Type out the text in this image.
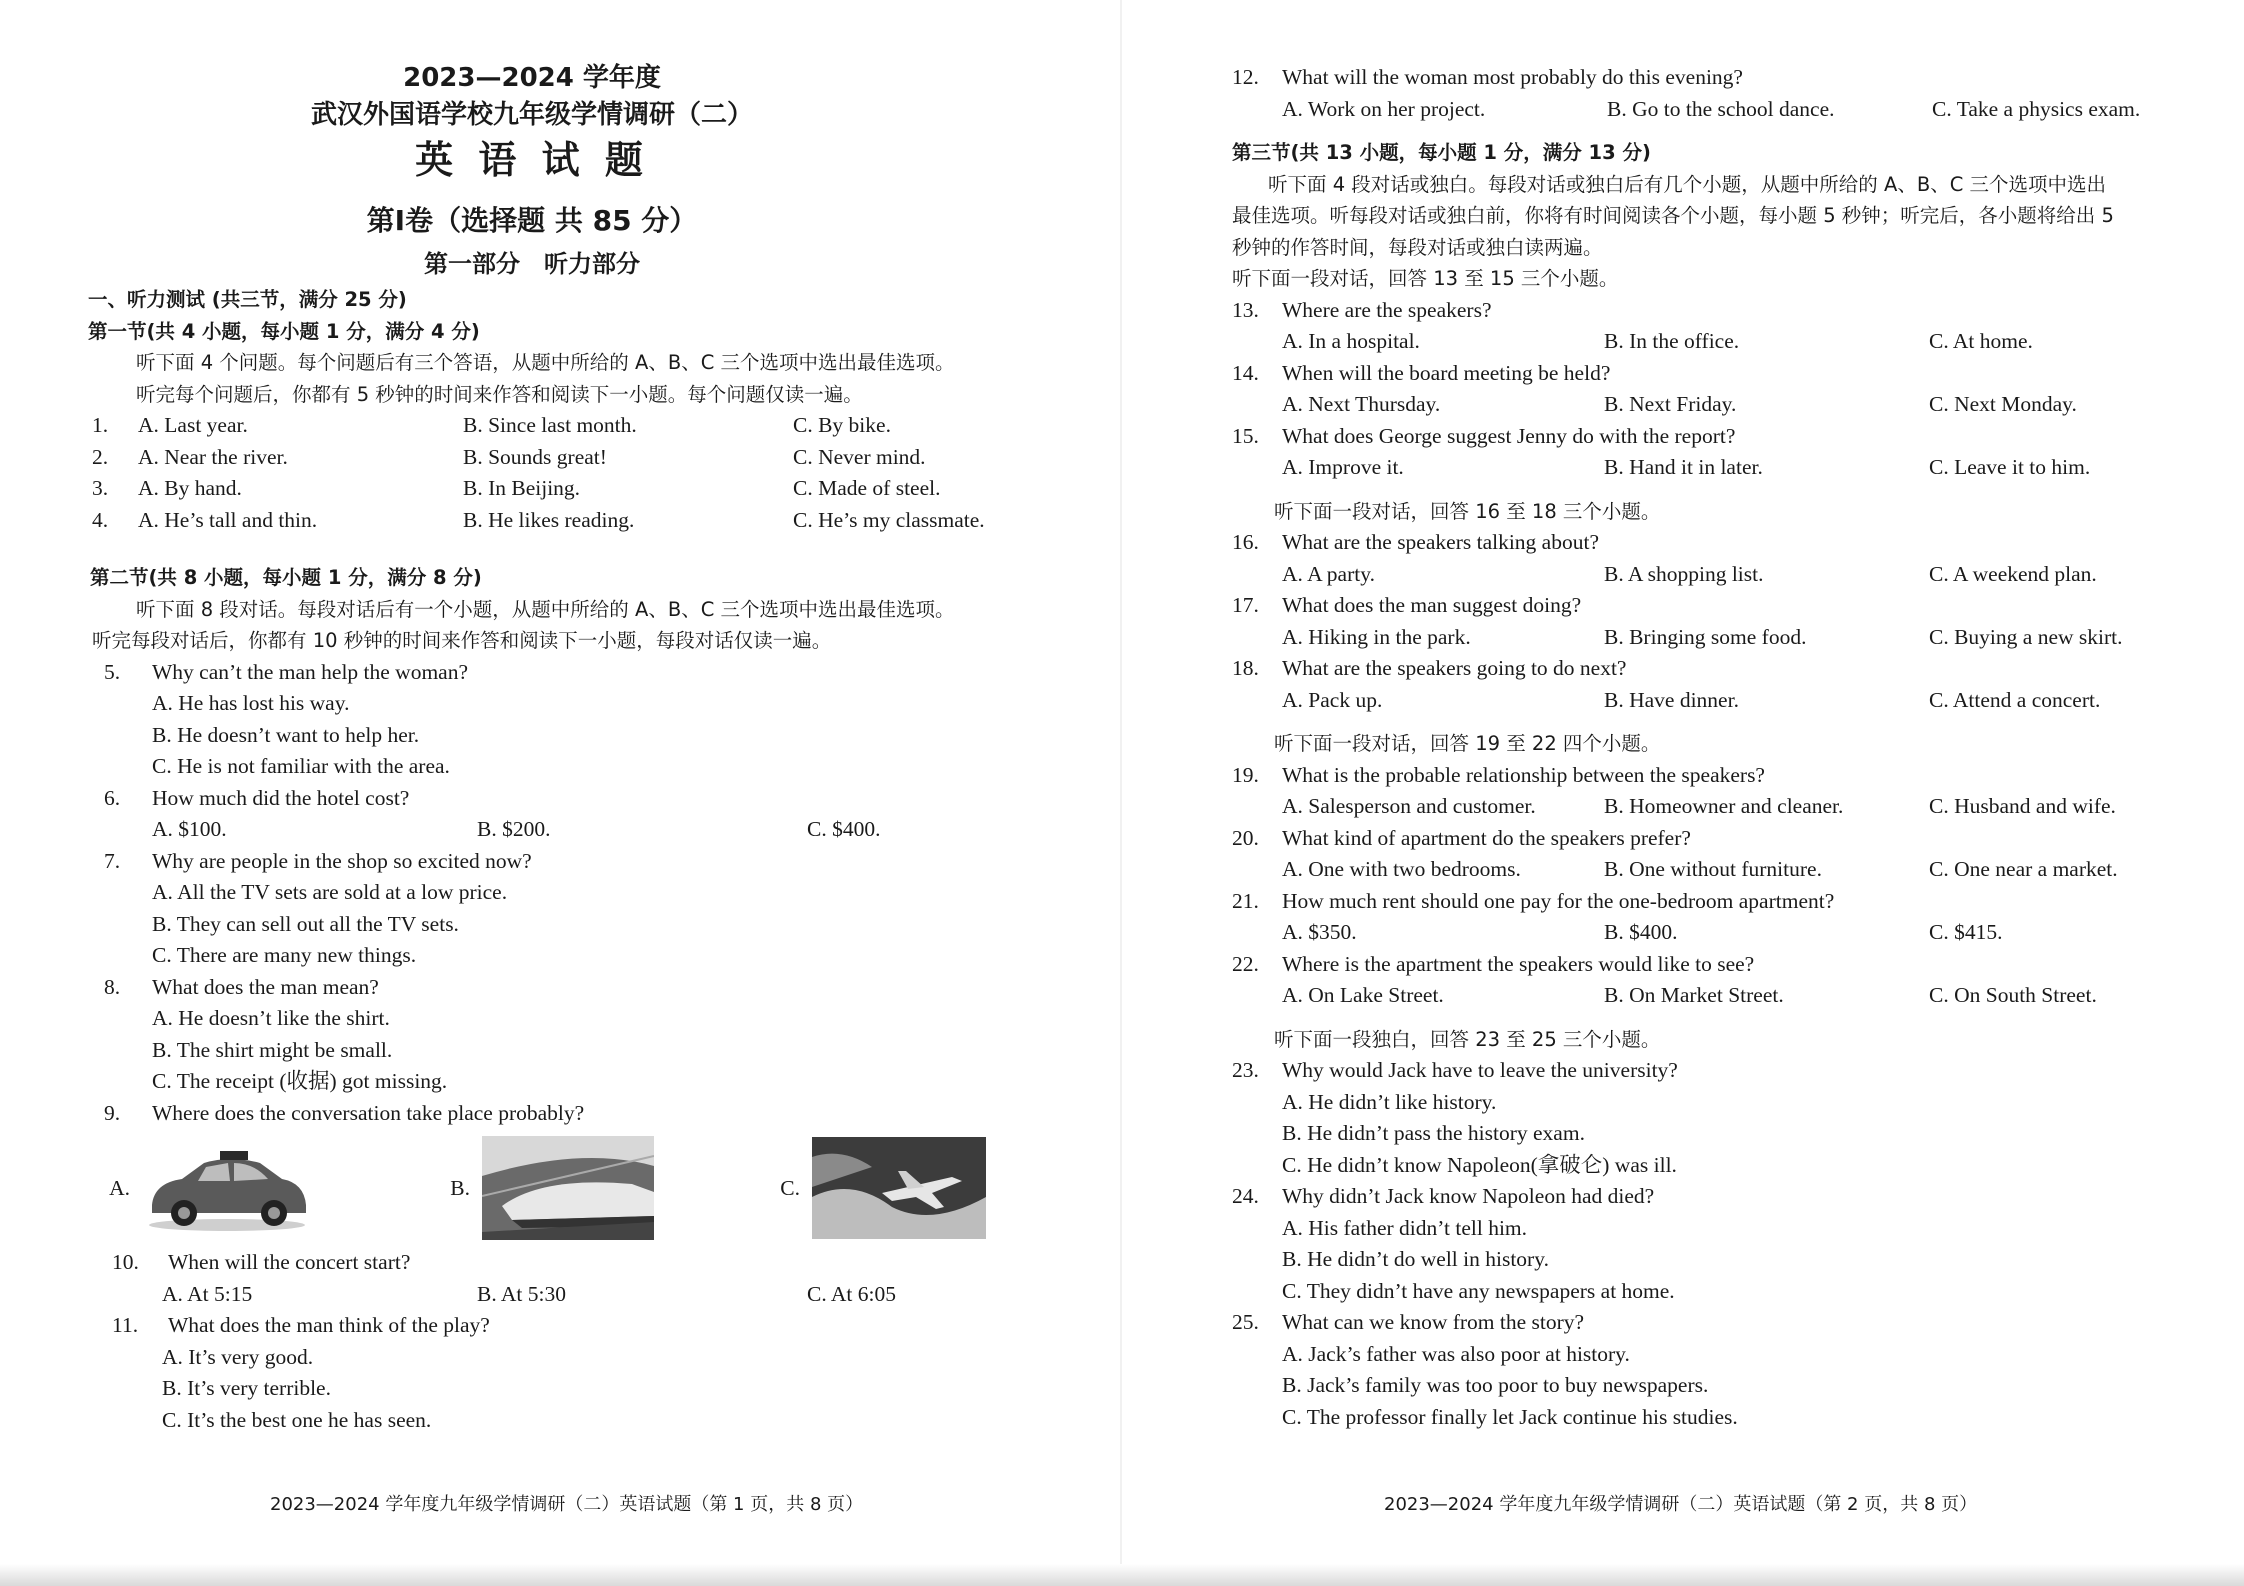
2023—2024 学年度
武汉外国语学校九年级学情调研（二）
英 语 试 题
第Ⅰ卷（选择题 共 85 分）
第一部分　听力部分
一、听力测试 (共三节，满分 25 分)
第一节(共 4 小题，每小题 1 分，满分 4 分)
听下面 4 个问题。每个问题后有三个答语，从题中所给的 A、B、C 三个选项中选出最佳选项。
听完每个问题后，你都有 5 秒钟的时间来作答和阅读下一小题。每个问题仅读一遍。
1.	A. Last year.	B. Since last month.	C. By bike.
2.	A. Near the river.	B. Sounds great!	C. Never mind.
3.	A. By hand.	B. In Beijing.	C. Made of steel.
4.	A. He’s tall and thin.	B. He likes reading.	C. He’s my classmate.
第二节(共 8 小题，每小题 1 分，满分 8 分)
听下面 8 段对话。每段对话后有一个小题，从题中所给的 A、B、C 三个选项中选出最佳选项。
听完每段对话后，你都有 10 秒钟的时间来作答和阅读下一小题，每段对话仅读一遍。
5.	Why can’t the man help the woman?
A. He has lost his way.
B. He doesn’t want to help her.
C. He is not familiar with the area.
6.	How much did the hotel cost?
A. $100.	B. $200.	C. $400.
7.	Why are people in the shop so excited now?
A. All the TV sets are sold at a low price.
B. They can sell out all the TV sets.
C. There are many new things.
8.	What does the man mean?
A. He doesn’t like the shirt.
B. The shirt might be small.
C. The receipt (收据) got missing.
9.	Where does the conversation take place probably?
A.	B.	C.
10.	When will the concert start?
A. At 5:15	B. At 5:30	C. At 6:05
11.	What does the man think of the play?
A. It’s very good.
B. It’s very terrible.
C. It’s the best one he has seen.
2023—2024 学年度九年级学情调研（二）英语试题（第 1 页，共 8 页）
12.	What will the woman most probably do this evening?
A. Work on her project.	B. Go to the school dance.	C. Take a physics exam.
第三节(共 13 小题，每小题 1 分，满分 13 分)
听下面 4 段对话或独白。每段对话或独白后有几个小题，从题中所给的 A、B、C 三个选项中选出
最佳选项。听每段对话或独白前，你将有时间阅读各个小题，每小题 5 秒钟；听完后，各小题将给出 5
秒钟的作答时间，每段对话或独白读两遍。
听下面一段对话，回答 13 至 15 三个小题。
13.	Where are the speakers?
A. In a hospital.	B. In the office.	C. At home.
14.	When will the board meeting be held?
A. Next Thursday.	B. Next Friday.	C. Next Monday.
15.	What does George suggest Jenny do with the report?
A. Improve it.	B. Hand it in later.	C. Leave it to him.
听下面一段对话，回答 16 至 18 三个小题。
16.	What are the speakers talking about?
A. A party.	B. A shopping list.	C. A weekend plan.
17.	What does the man suggest doing?
A. Hiking in the park.	B. Bringing some food.	C. Buying a new skirt.
18.	What are the speakers going to do next?
A. Pack up.	B. Have dinner.	C. Attend a concert.
听下面一段对话，回答 19 至 22 四个小题。
19.	What is the probable relationship between the speakers?
A. Salesperson and customer.	B. Homeowner and cleaner.	C. Husband and wife.
20.	What kind of apartment do the speakers prefer?
A. One with two bedrooms.	B. One without furniture.	C. One near a market.
21.	How much rent should one pay for the one-bedroom apartment?
A. $350.	B. $400.	C. $415.
22.	Where is the apartment the speakers would like to see?
A. On Lake Street.	B. On Market Street.	C. On South Street.
听下面一段独白，回答 23 至 25 三个小题。
23.	Why would Jack have to leave the university?
A. He didn’t like history.
B. He didn’t pass the history exam.
C. He didn’t know Napoleon(拿破仑) was ill.
24.	Why didn’t Jack know Napoleon had died?
A. His father didn’t tell him.
B. He didn’t do well in history.
C. They didn’t have any newspapers at home.
25.	What can we know from the story?
A. Jack’s father was also poor at history.
B. Jack’s family was too poor to buy newspapers.
C. The professor finally let Jack continue his studies.
2023—2024 学年度九年级学情调研（二）英语试题（第 2 页，共 8 页）
